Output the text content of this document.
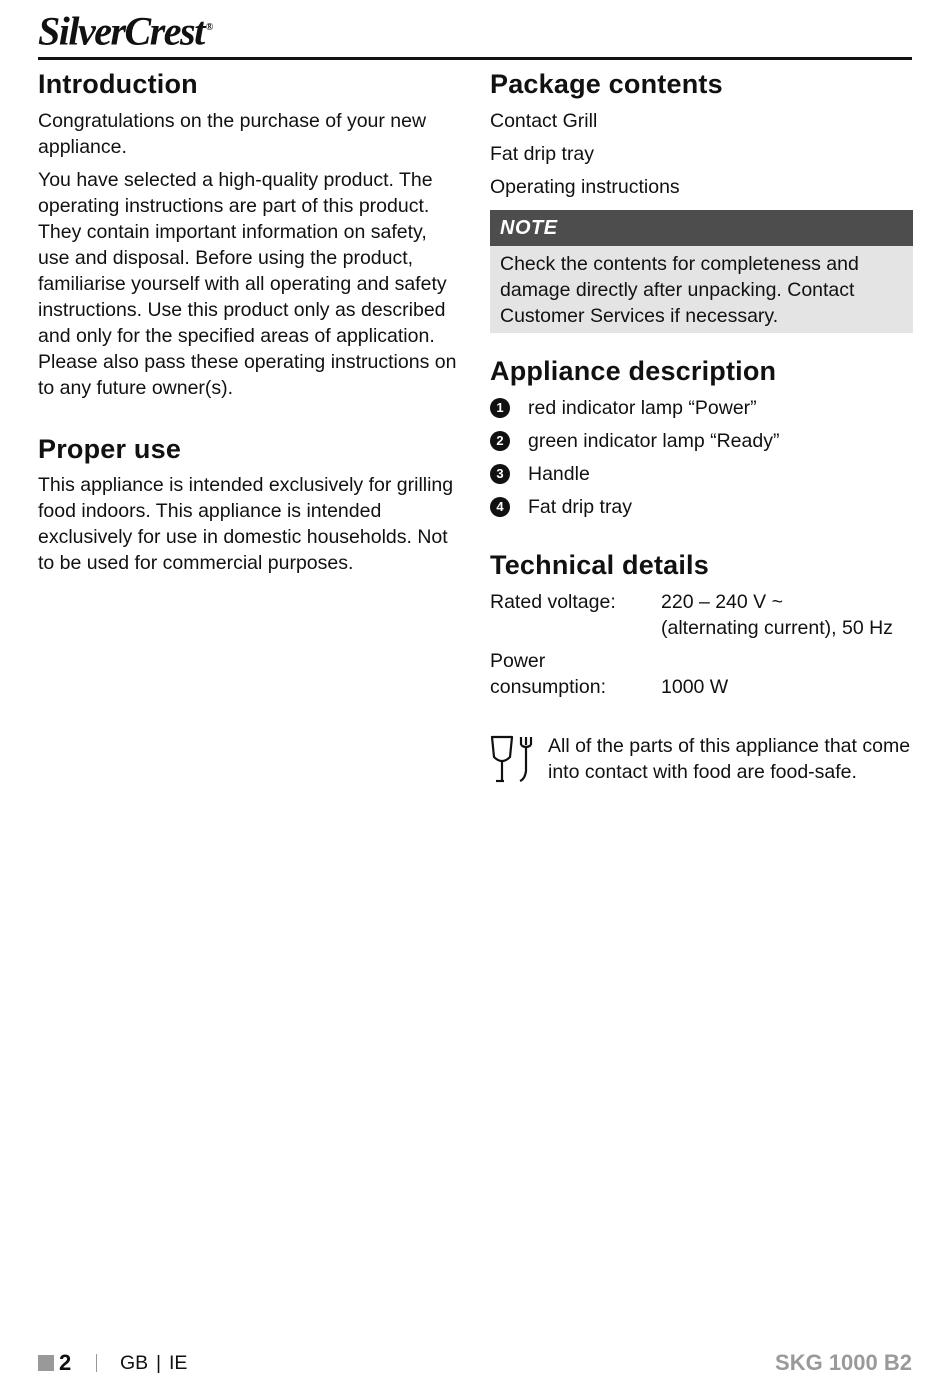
SilverCrest ®
Introduction

Congratulations on the purchase of your new appliance.

You have selected a high-quality product. The operating instructions are part of this product. They contain important information on safety, use and disposal. Before using the product, familiarise yourself with all operating and safety instructions. Use this product only as described and only for the specified areas of application. Please also pass these operating instructions on to any future owner(s).

Proper use

This appliance is intended exclusively for grilling food indoors. This appliance is intended exclusively for use in domestic households. Not to be used for commercial purposes.

Package contents
Contact Grill
Fat drip tray
Operating instructions
NOTE
Check the contents for completeness and damage directly after unpacking. Contact Customer Services if necessary.
Appliance description
1	red indicator lamp “Power”
2	green indicator lamp “Ready”
3	Handle
4	Fat drip tray
Technical details
Rated voltage:	220 – 240 V ~
(alternating current), 50 Hz
Power
consumption:
	1000 W
All of the parts of this appliance that come into contact with food are food-safe.
2	GB | IE	SKG 1000 B2
